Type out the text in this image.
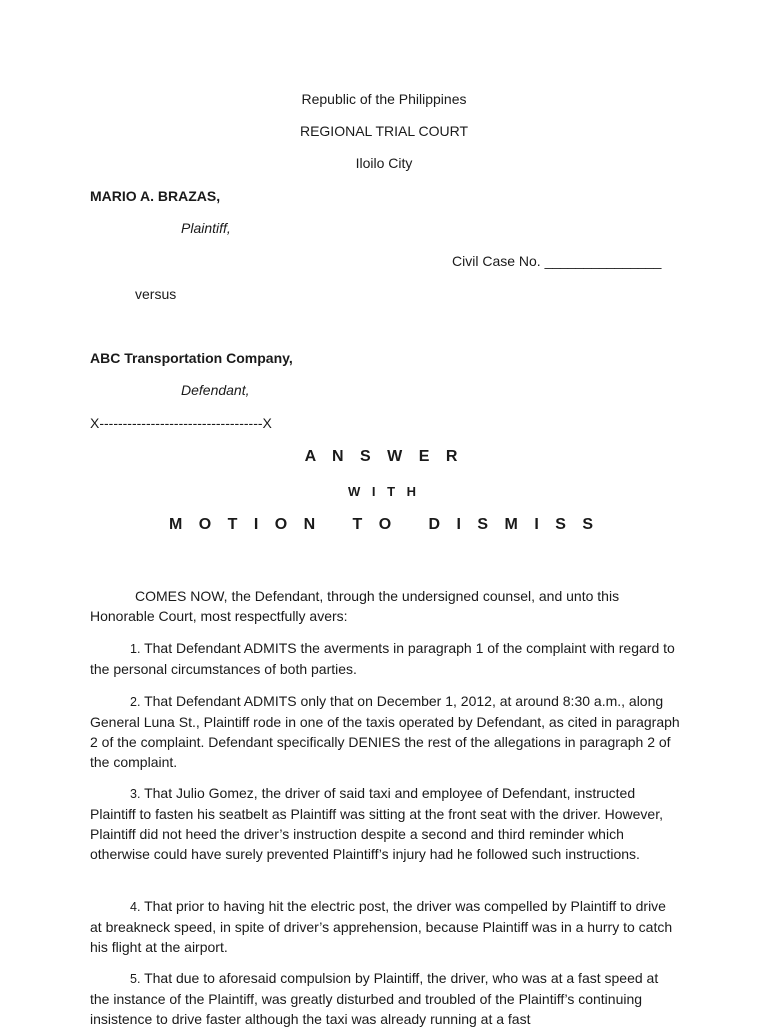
Republic of the Philippines
REGIONAL TRIAL COURT
Iloilo City
MARIO A. BRAZAS,
Plaintiff,
Civil Case No. _______________
versus
ABC Transportation Company,
Defendant,
X-----------------------------------X
A N S W E R
W I T H
M O T I O N   T O   D I S M I S S
COMES NOW, the Defendant, through the undersigned counsel, and unto this Honorable Court, most respectfully avers:
1. That Defendant ADMITS the averments in paragraph 1 of the complaint with regard to the personal circumstances of both parties.
2. That Defendant ADMITS only that on December 1, 2012, at around 8:30 a.m., along General Luna St., Plaintiff rode in one of the taxis operated by Defendant, as cited in paragraph 2 of the complaint. Defendant specifically DENIES the rest of the allegations in paragraph 2 of the complaint.
3. That Julio Gomez, the driver of said taxi and employee of Defendant, instructed Plaintiff to fasten his seatbelt as Plaintiff was sitting at the front seat with the driver. However, Plaintiff did not heed the driver’s instruction despite a second and third reminder which otherwise could have surely prevented Plaintiff’s injury had he followed such instructions.
4. That prior to having hit the electric post, the driver was compelled by Plaintiff to drive at breakneck speed, in spite of driver’s apprehension, because Plaintiff was in a hurry to catch his flight at the airport.
5. That due to aforesaid compulsion by Plaintiff, the driver, who was at a fast speed at the instance of the Plaintiff, was greatly disturbed and troubled of the Plaintiff’s continuing insistence to drive faster although the taxi was already running at a fast
